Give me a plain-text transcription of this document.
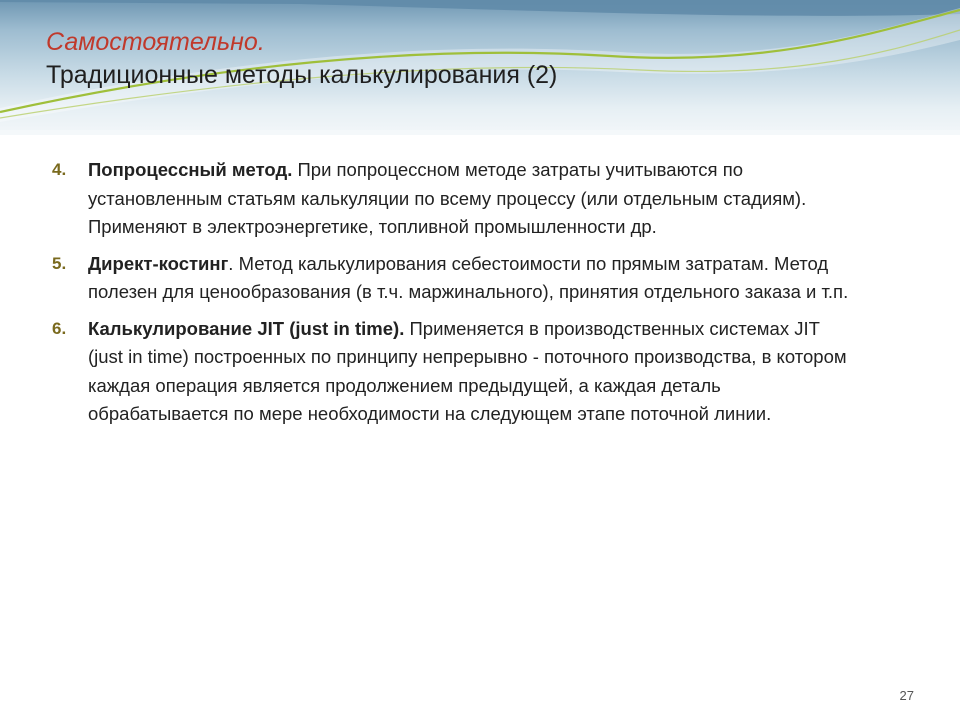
Самостоятельно.

Традиционные методы калькулирования (2)

4.	Попроцессный метод. При попроцессном методе затраты учитываются по установленным статьям калькуляции по всему процессу (или отдельным стадиям). Применяют в электроэнергетике, топливной промышленности др.
5.	Директ-костинг. Метод калькулирования себестоимости по прямым затратам. Метод полезен для ценообразования (в т.ч. маржинального), принятия отдельного заказа и т.п.
6.	Калькулирование JIT (just in time). Применяется в производственных системах JIT (just in time) построенных по принципу непрерывно - поточного производства, в котором каждая операция является продолжением предыдущей, а каждая деталь обрабатывается по мере необходимости на следующем этапе поточной линии.
27
